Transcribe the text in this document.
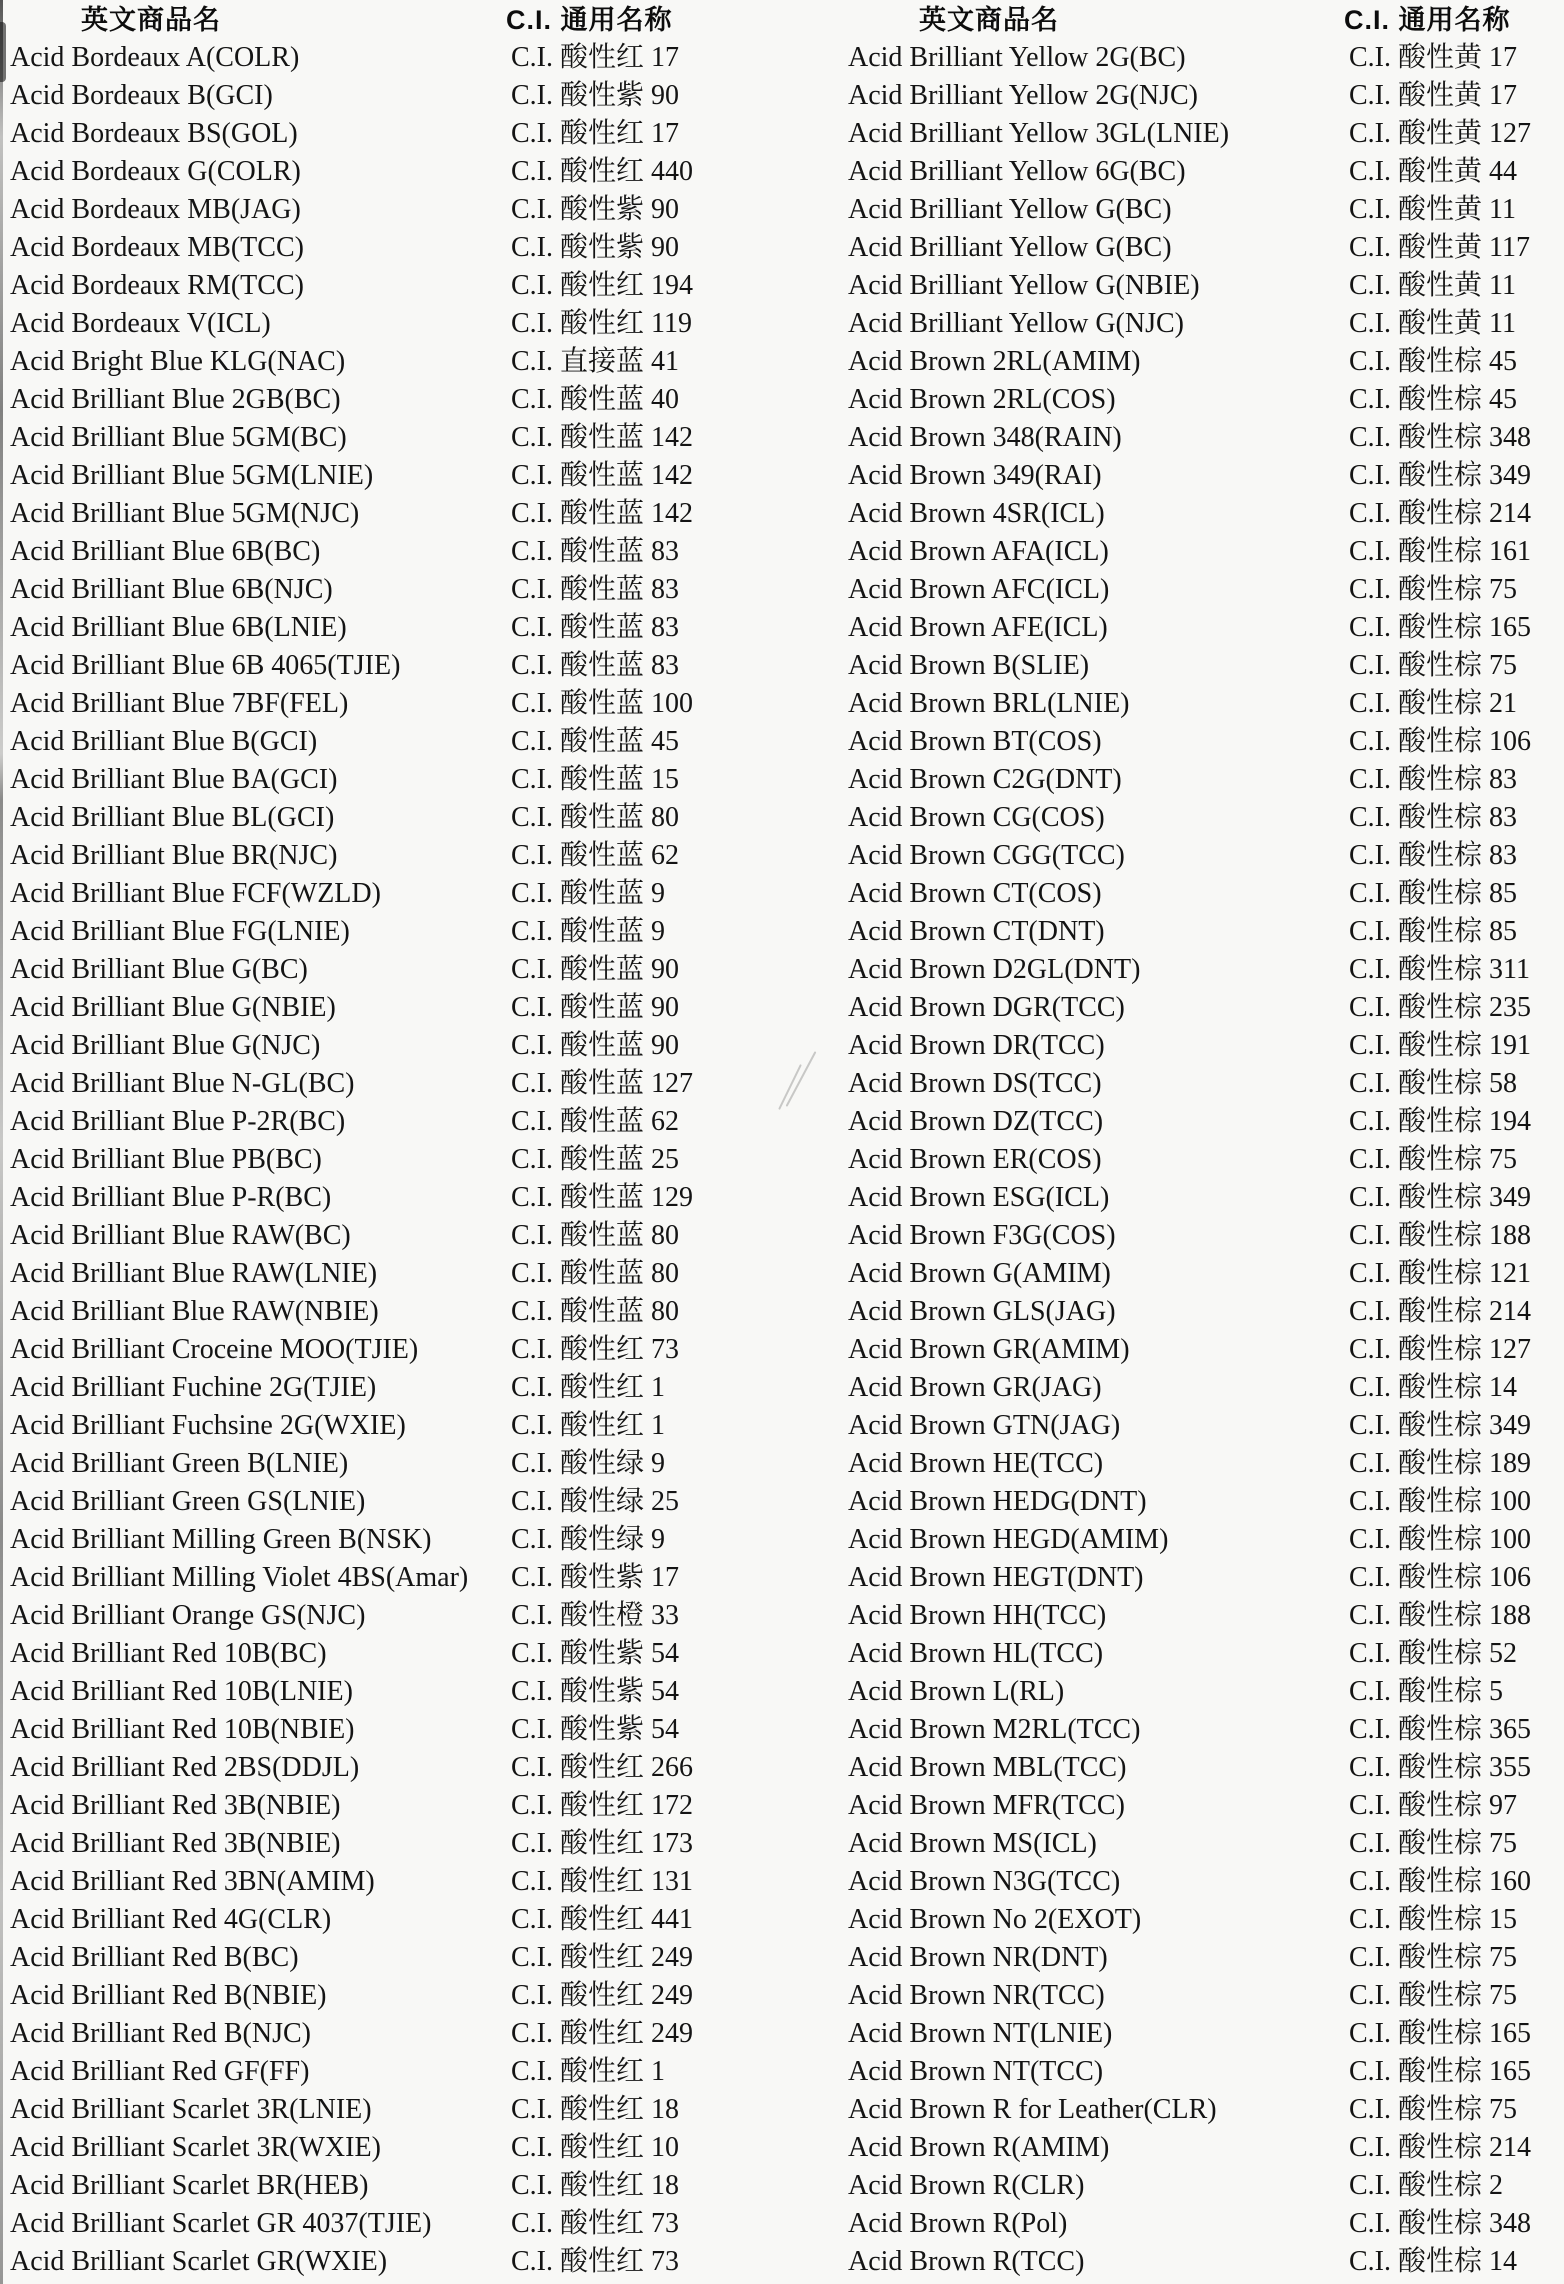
英文商品名	C.I. 通用名称
Acid Bordeaux A(COLR)	C.I. 酸性红 17
Acid Bordeaux B(GCI)	C.I. 酸性紫 90
Acid Bordeaux BS(GOL)	C.I. 酸性红 17
Acid Bordeaux G(COLR)	C.I. 酸性红 440
Acid Bordeaux MB(JAG)	C.I. 酸性紫 90
Acid Bordeaux MB(TCC)	C.I. 酸性紫 90
Acid Bordeaux RM(TCC)	C.I. 酸性红 194
Acid Bordeaux V(ICL)	C.I. 酸性红 119
Acid Bright Blue KLG(NAC)	C.I. 直接蓝 41
Acid Brilliant Blue 2GB(BC)	C.I. 酸性蓝 40
Acid Brilliant Blue 5GM(BC)	C.I. 酸性蓝 142
Acid Brilliant Blue 5GM(LNIE)	C.I. 酸性蓝 142
Acid Brilliant Blue 5GM(NJC)	C.I. 酸性蓝 142
Acid Brilliant Blue 6B(BC)	C.I. 酸性蓝 83
Acid Brilliant Blue 6B(NJC)	C.I. 酸性蓝 83
Acid Brilliant Blue 6B(LNIE)	C.I. 酸性蓝 83
Acid Brilliant Blue 6B 4065(TJIE)	C.I. 酸性蓝 83
Acid Brilliant Blue 7BF(FEL)	C.I. 酸性蓝 100
Acid Brilliant Blue B(GCI)	C.I. 酸性蓝 45
Acid Brilliant Blue BA(GCI)	C.I. 酸性蓝 15
Acid Brilliant Blue BL(GCI)	C.I. 酸性蓝 80
Acid Brilliant Blue BR(NJC)	C.I. 酸性蓝 62
Acid Brilliant Blue FCF(WZLD)	C.I. 酸性蓝 9
Acid Brilliant Blue FG(LNIE)	C.I. 酸性蓝 9
Acid Brilliant Blue G(BC)	C.I. 酸性蓝 90
Acid Brilliant Blue G(NBIE)	C.I. 酸性蓝 90
Acid Brilliant Blue G(NJC)	C.I. 酸性蓝 90
Acid Brilliant Blue N-GL(BC)	C.I. 酸性蓝 127
Acid Brilliant Blue P-2R(BC)	C.I. 酸性蓝 62
Acid Brilliant Blue PB(BC)	C.I. 酸性蓝 25
Acid Brilliant Blue P-R(BC)	C.I. 酸性蓝 129
Acid Brilliant Blue RAW(BC)	C.I. 酸性蓝 80
Acid Brilliant Blue RAW(LNIE)	C.I. 酸性蓝 80
Acid Brilliant Blue RAW(NBIE)	C.I. 酸性蓝 80
Acid Brilliant Croceine MOO(TJIE)	C.I. 酸性红 73
Acid Brilliant Fuchine 2G(TJIE)	C.I. 酸性红 1
Acid Brilliant Fuchsine 2G(WXIE)	C.I. 酸性红 1
Acid Brilliant Green B(LNIE)	C.I. 酸性绿 9
Acid Brilliant Green GS(LNIE)	C.I. 酸性绿 25
Acid Brilliant Milling Green B(NSK)	C.I. 酸性绿 9
Acid Brilliant Milling Violet 4BS(Amar) C.I. 酸性紫 17
Acid Brilliant Orange GS(NJC)	C.I. 酸性橙 33
Acid Brilliant Red 10B(BC)	C.I. 酸性紫 54
Acid Brilliant Red 10B(LNIE)	C.I. 酸性紫 54
Acid Brilliant Red 10B(NBIE)	C.I. 酸性紫 54
Acid Brilliant Red 2BS(DDJL)	C.I. 酸性红 266
Acid Brilliant Red 3B(NBIE)	C.I. 酸性红 172
Acid Brilliant Red 3B(NBIE)	C.I. 酸性红 173
Acid Brilliant Red 3BN(AMIM)	C.I. 酸性红 131
Acid Brilliant Red 4G(CLR)	C.I. 酸性红 441
Acid Brilliant Red B(BC)	C.I. 酸性红 249
Acid Brilliant Red B(NBIE)	C.I. 酸性红 249
Acid Brilliant Red B(NJC)	C.I. 酸性红 249
Acid Brilliant Red GF(FF)	C.I. 酸性红 1
Acid Brilliant Scarlet 3R(LNIE)	C.I. 酸性红 18
Acid Brilliant Scarlet 3R(WXIE)	C.I. 酸性红 10
Acid Brilliant Scarlet BR(HEB)	C.I. 酸性红 18
Acid Brilliant Scarlet GR 4037(TJIE)	C.I. 酸性红 73
Acid Brilliant Scarlet GR(WXIE)	C.I. 酸性红 73
英文商品名	C.I. 通用名称
Acid Brilliant Yellow 2G(BC)	C.I. 酸性黄 17
Acid Brilliant Yellow 2G(NJC)	C.I. 酸性黄 17
Acid Brilliant Yellow 3GL(LNIE)	C.I. 酸性黄 127
Acid Brilliant Yellow 6G(BC)	C.I. 酸性黄 44
Acid Brilliant Yellow G(BC)	C.I. 酸性黄 11
Acid Brilliant Yellow G(BC)	C.I. 酸性黄 117
Acid Brilliant Yellow G(NBIE)	C.I. 酸性黄 11
Acid Brilliant Yellow G(NJC)	C.I. 酸性黄 11
Acid Brown 2RL(AMIM)	C.I. 酸性棕 45
Acid Brown 2RL(COS)	C.I. 酸性棕 45
Acid Brown 348(RAIN)	C.I. 酸性棕 348
Acid Brown 349(RAI)	C.I. 酸性棕 349
Acid Brown 4SR(ICL)	C.I. 酸性棕 214
Acid Brown AFA(ICL)	C.I. 酸性棕 161
Acid Brown AFC(ICL)	C.I. 酸性棕 75
Acid Brown AFE(ICL)	C.I. 酸性棕 165
Acid Brown B(SLIE)	C.I. 酸性棕 75
Acid Brown BRL(LNIE)	C.I. 酸性棕 21
Acid Brown BT(COS)	C.I. 酸性棕 106
Acid Brown C2G(DNT)	C.I. 酸性棕 83
Acid Brown CG(COS)	C.I. 酸性棕 83
Acid Brown CGG(TCC)	C.I. 酸性棕 83
Acid Brown CT(COS)	C.I. 酸性棕 85
Acid Brown CT(DNT)	C.I. 酸性棕 85
Acid Brown D2GL(DNT)	C.I. 酸性棕 311
Acid Brown DGR(TCC)	C.I. 酸性棕 235
Acid Brown DR(TCC)	C.I. 酸性棕 191
Acid Brown DS(TCC)	C.I. 酸性棕 58
Acid Brown DZ(TCC)	C.I. 酸性棕 194
Acid Brown ER(COS)	C.I. 酸性棕 75
Acid Brown ESG(ICL)	C.I. 酸性棕 349
Acid Brown F3G(COS)	C.I. 酸性棕 188
Acid Brown G(AMIM)	C.I. 酸性棕 121
Acid Brown GLS(JAG)	C.I. 酸性棕 214
Acid Brown GR(AMIM)	C.I. 酸性棕 127
Acid Brown GR(JAG)	C.I. 酸性棕 14
Acid Brown GTN(JAG)	C.I. 酸性棕 349
Acid Brown HE(TCC)	C.I. 酸性棕 189
Acid Brown HEDG(DNT)	C.I. 酸性棕 100
Acid Brown HEGD(AMIM)	C.I. 酸性棕 100
Acid Brown HEGT(DNT)	C.I. 酸性棕 106
Acid Brown HH(TCC)	C.I. 酸性棕 188
Acid Brown HL(TCC)	C.I. 酸性棕 52
Acid Brown L(RL)	C.I. 酸性棕 5
Acid Brown M2RL(TCC)	C.I. 酸性棕 365
Acid Brown MBL(TCC)	C.I. 酸性棕 355
Acid Brown MFR(TCC)	C.I. 酸性棕 97
Acid Brown MS(ICL)	C.I. 酸性棕 75
Acid Brown N3G(TCC)	C.I. 酸性棕 160
Acid Brown No 2(EXOT)	C.I. 酸性棕 15
Acid Brown NR(DNT)	C.I. 酸性棕 75
Acid Brown NR(TCC)	C.I. 酸性棕 75
Acid Brown NT(LNIE)	C.I. 酸性棕 165
Acid Brown NT(TCC)	C.I. 酸性棕 165
Acid Brown R for Leather(CLR)	C.I. 酸性棕 75
Acid Brown R(AMIM)	C.I. 酸性棕 214
Acid Brown R(CLR)	C.I. 酸性棕 2
Acid Brown R(Pol)	C.I. 酸性棕 348
Acid Brown R(TCC)	C.I. 酸性棕 14
